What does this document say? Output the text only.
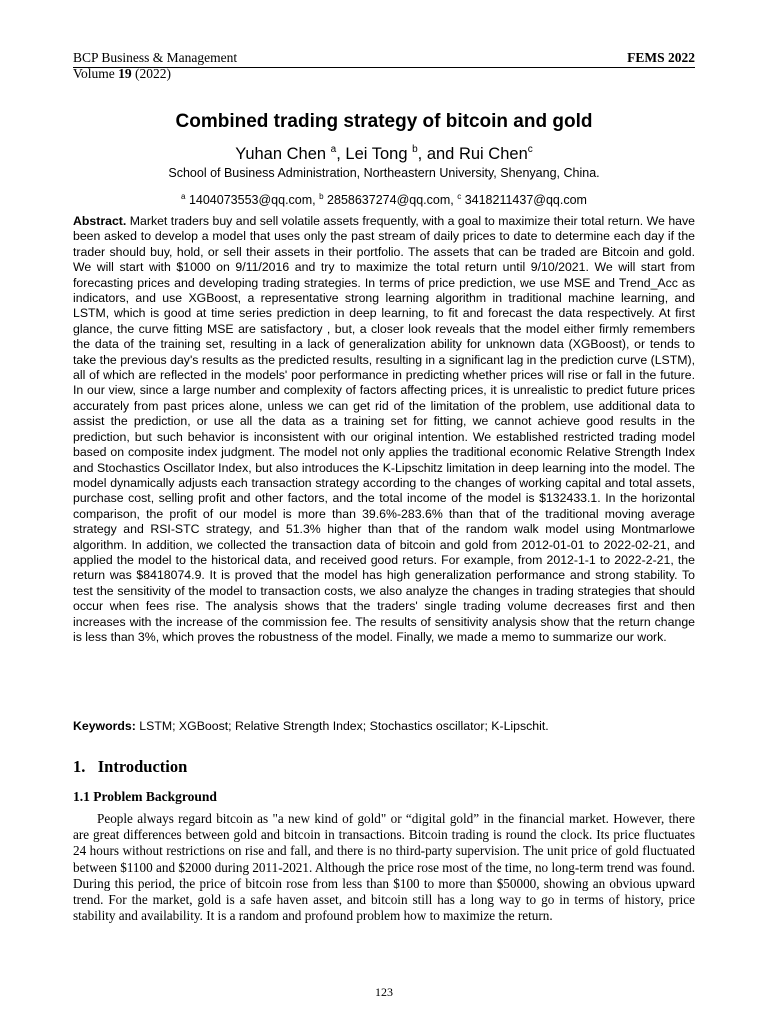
BCP Business & Management	FEMS 2022
Volume 19 (2022)
Combined trading strategy of bitcoin and gold
Yuhan Chen $^a$, Lei Tong $^b$, and Rui Chen$^c$
School of Business Administration, Northeastern University, Shenyang, China.
$^a$ 1404073553@qq.com, $^b$ 2858637274@qq.com, $^c$ 3418211437@qq.com

Abstract. Market traders buy and sell volatile assets frequently, with a goal to maximize their total return. We have been asked to develop a model that uses only the past stream of daily prices to date to determine each day if the trader should buy, hold, or sell their assets in their portfolio. The assets that can be traded are Bitcoin and gold. We will start with $1000 on 9/11/2016 and try to maximize the total return until 9/10/2021. We will start from forecasting prices and developing trading strategies. In terms of price prediction, we use MSE and Trend_Acc as indicators, and use XGBoost, a representative strong learning algorithm in traditional machine learning, and LSTM, which is good at time series prediction in deep learning, to fit and forecast the data respectively. At first glance, the curve fitting MSE are satisfactory , but, a closer look reveals that the model either firmly remembers the data of the training set, resulting in a lack of generalization ability for unknown data (XGBoost), or tends to take the previous day's results as the predicted results, resulting in a significant lag in the prediction curve (LSTM), all of which are reflected in the models' poor performance in predicting whether prices will rise or fall in the future. In our view, since a large number and complexity of factors affecting prices, it is unrealistic to predict future prices accurately from past prices alone, unless we can get rid of the limitation of the problem, use additional data to assist the prediction, or use all the data as a training set for fitting, we cannot achieve good results in the prediction, but such behavior is inconsistent with our original intention. We established restricted trading model based on composite index judgment. The model not only applies the traditional economic Relative Strength Index and Stochastics Oscillator Index, but also introduces the K-Lipschitz limitation in deep learning into the model. The model dynamically adjusts each transaction strategy according to the changes of working capital and total assets, purchase cost, selling profit and other factors, and the total income of the model is $132433.1. In the horizontal comparison, the profit of our model is more than 39.6%-283.6% than that of the traditional moving average strategy and RSI-STC strategy, and 51.3% higher than that of the random walk model using Montmarlowe algorithm. In addition, we collected the transaction data of bitcoin and gold from 2012-01-01 to 2022-02-21, and applied the model to the historical data, and received good returs. For example, from 2012-1-1 to 2022-2-21, the return was $8418074.9. It is proved that the model has high generalization performance and strong stability. To test the sensitivity of the model to transaction costs, we also analyze the changes in trading strategies that should occur when fees rise. The analysis shows that the traders' single trading volume decreases first and then increases with the increase of the commission fee. The results of sensitivity analysis show that the return change is less than 3%, which proves the robustness of the model. Finally, we made a memo to summarize our work.

Keywords: LSTM; XGBoost; Relative Strength Index; Stochastics oscillator; K-Lipschit.

1. Introduction
1.1 Problem Background

People always regard bitcoin as "a new kind of gold" or “digital gold” in the financial market. However, there are great differences between gold and bitcoin in transactions. Bitcoin trading is round the clock. Its price fluctuates 24 hours without restrictions on rise and fall, and there is no third-party supervision. The unit price of gold fluctuated between $1100 and $2000 during 2011-2021. Although the price rose most of the time, no long-term trend was found. During this period, the price of bitcoin rose from less than $100 to more than $50000, showing an obvious upward trend. For the market, gold is a safe haven asset, and bitcoin still has a long way to go in terms of history, price stability and availability. It is a random and profound problem how to maximize the return.

123
